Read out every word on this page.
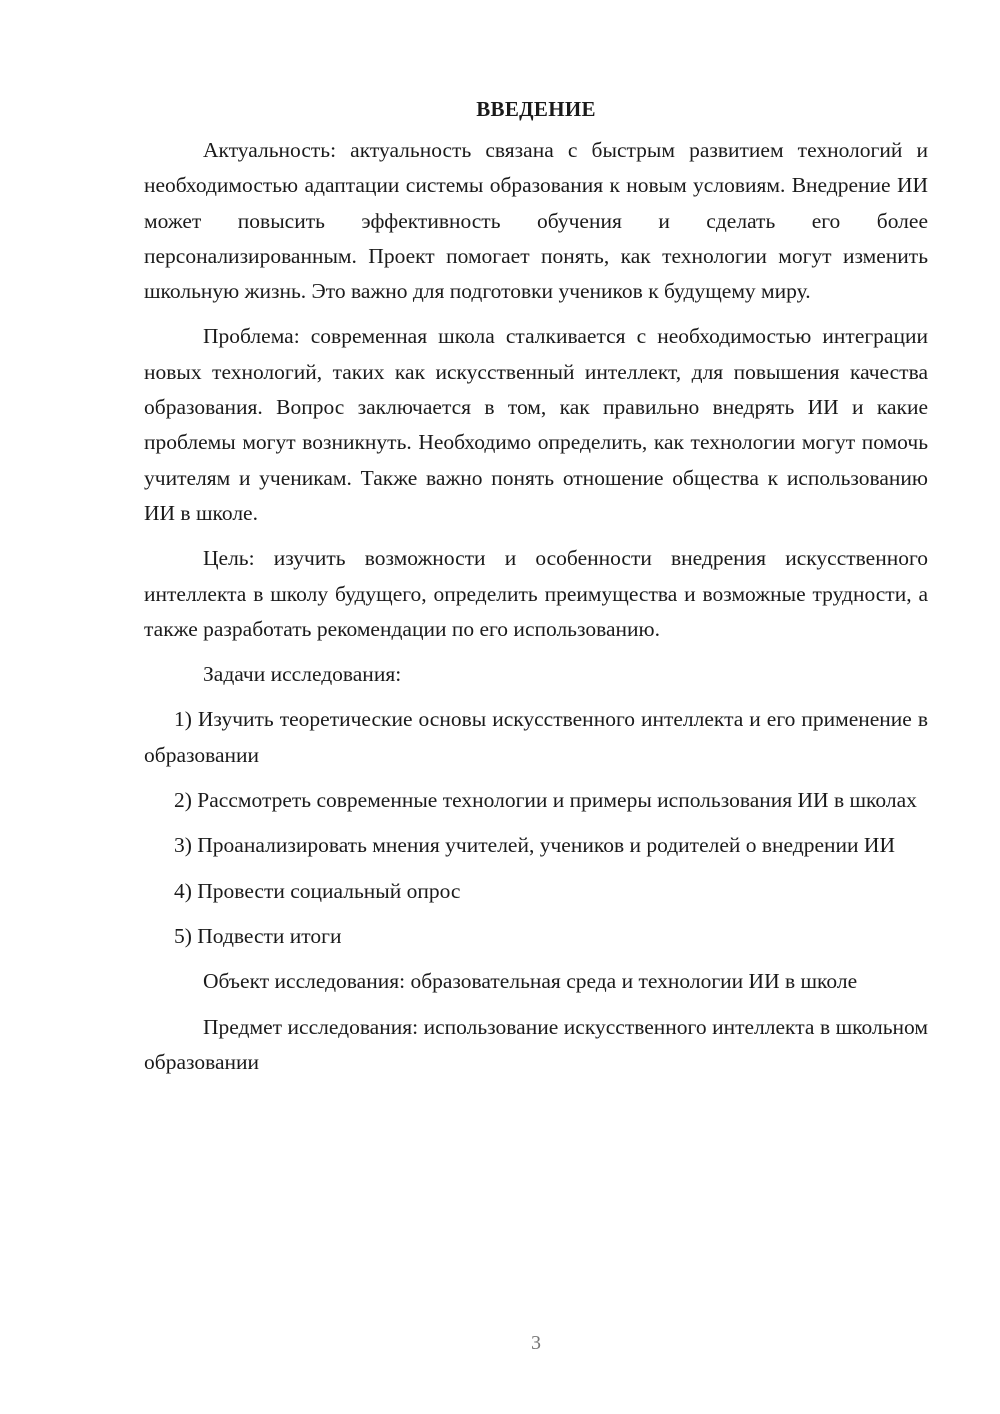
ВВЕДЕНИЕ

Актуальность: актуальность связана с быстрым развитием технологий и необходимостью адаптации системы образования к новым условиям. Внедрение ИИ может повысить эффективность обучения и сделать его более персонализированным. Проект помогает понять, как технологии могут изменить школьную жизнь. Это важно для подготовки учеников к будущему миру.

Проблема: современная школа сталкивается с необходимостью интеграции новых технологий, таких как искусственный интеллект, для повышения качества образования. Вопрос заключается в том, как правильно внедрять ИИ и какие проблемы могут возникнуть. Необходимо определить, как технологии могут помочь учителям и ученикам. Также важно понять отношение общества к использованию ИИ в школе.

Цель: изучить возможности и особенности внедрения искусственного интеллекта в школу будущего, определить преимущества и возможные трудности, а также разработать рекомендации по его использованию.

Задачи исследования:

1) Изучить теоретические основы искусственного интеллекта и его применение в образовании

2) Рассмотреть современные технологии и примеры использования ИИ в школах

3) Проанализировать мнения учителей, учеников и родителей о внедрении ИИ

4) Провести социальный опрос

5) Подвести итоги

Объект исследования: образовательная среда и технологии ИИ в школе

Предмет исследования: использование искусственного интеллекта в школьном образовании

3
